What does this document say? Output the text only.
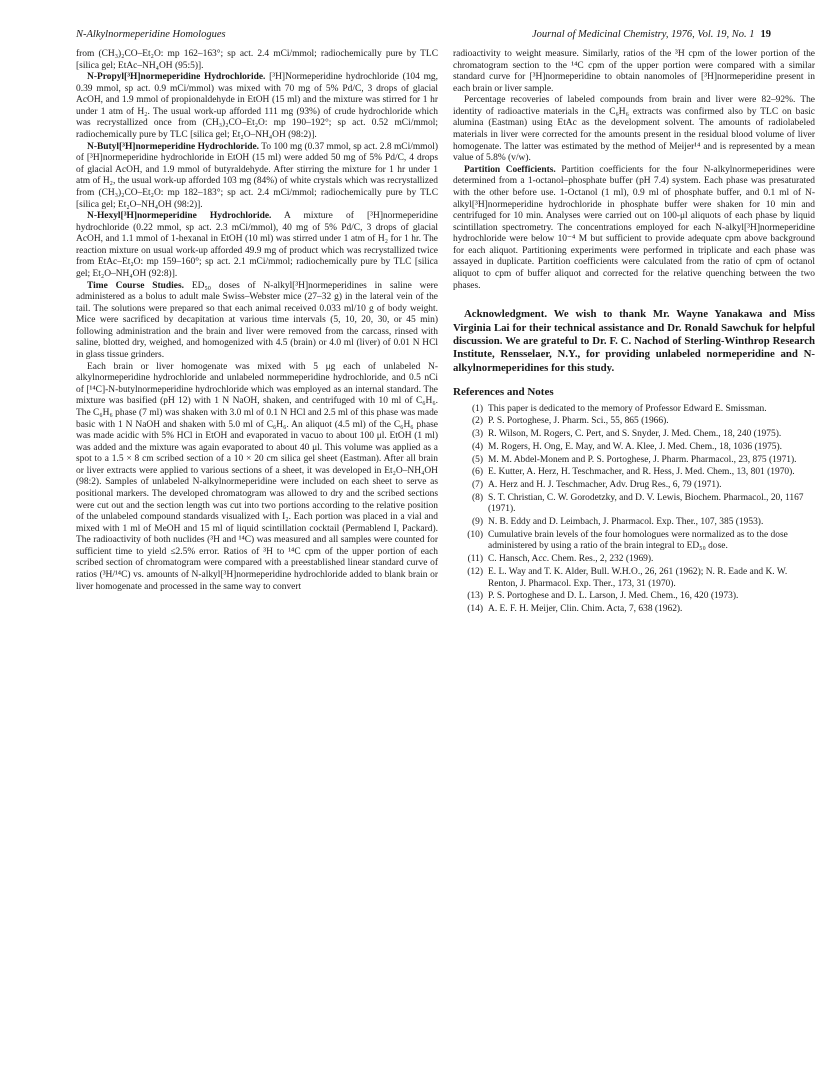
N-Alkylnormeperidine Homologues	Journal of Medicinal Chemistry, 1976, Vol. 19, No. 1 19

from (CH₃)₂CO–Et₂O: mp 162–163°; sp act. 2.4 mCi/mmol; radiochemically pure by TLC [silica gel; EtAc–NH₄OH (95:5)].

N-Propyl[³H]normeperidine Hydrochloride. [³H]Normeperidine hydrochloride (104 mg, 0.39 mmol, sp act. 0.9 mCi/mmol) was mixed with 70 mg of 5% Pd/C, 3 drops of glacial AcOH, and 1.9 mmol of propionaldehyde in EtOH (15 ml) and the mixture was stirred for 1 hr under 1 atm of H₂. The usual work-up afforded 111 mg (93%) of crude hydrochloride which was recrystallized once from (CH₃)₂CO–Et₂O: mp 190–192°; sp act. 0.52 mCi/mmol; radiochemically pure by TLC [silica gel; Et₂O–NH₄OH (98:2)].

N-Butyl[³H]normeperidine Hydrochloride. To 100 mg (0.37 mmol, sp act. 2.8 mCi/mmol) of [³H]normeperidine hydrochloride in EtOH (15 ml) were added 50 mg of 5% Pd/C, 4 drops of glacial AcOH, and 1.9 mmol of butyraldehyde. After stirring the mixture for 1 hr under 1 atm of H₂, the usual work-up afforded 103 mg (84%) of white crystals which was recrystallized from (CH₃)₂CO–Et₂O: mp 182–183°; sp act. 2.4 mCi/mmol; radiochemically pure by TLC [silica gel; Et₂O–NH₄OH (98:2)].

N-Hexyl[³H]normeperidine Hydrochloride. A mixture of [³H]normeperidine hydrochloride (0.22 mmol, sp act. 2.3 mCi/mmol), 40 mg of 5% Pd/C, 3 drops of glacial AcOH, and 1.1 mmol of 1-hexanal in EtOH (10 ml) was stirred under 1 atm of H₂ for 1 hr. The reaction mixture on usual work-up afforded 49.9 mg of product which was recrystallized twice from EtAc–Et₂O: mp 159–160°; sp act. 2.1 mCi/mmol; radiochemically pure by TLC [silica gel; Et₂O–NH₄OH (92:8)].

Time Course Studies. ED₅₀ doses of N-alkyl[³H]normeperidines in saline were administered as a bolus to adult male Swiss–Webster mice (27–32 g) in the lateral vein of the tail. The solutions were prepared so that each animal received 0.033 ml/10 g of body weight. Mice were sacrificed by decapitation at various time intervals (5, 10, 20, 30, or 45 min) following administration and the brain and liver were removed from the carcass, rinsed with saline, blotted dry, weighed, and homogenized with 4.5 (brain) or 4.0 ml (liver) of 0.01 N HCl in glass tissue grinders.

Each brain or liver homogenate was mixed with 5 μg each of unlabeled N-alkylnormeperidine hydrochloride and unlabeled normmeperidine hydrochloride, and 0.5 nCi of [¹⁴C]-N-butylnormeperidine hydrochloride which was employed as an internal standard. The mixture was basified (pH 12) with 1 N NaOH, shaken, and centrifuged with 10 ml of C₆H₆. The C₆H₆ phase (7 ml) was shaken with 3.0 ml of 0.1 N HCl and 2.5 ml of this phase was made basic with 1 N NaOH and shaken with 5.0 ml of C₆H₆. An aliquot (4.5 ml) of the C₆H₆ phase was made acidic with 5% HCl in EtOH and evaporated in vacuo to about 100 μl. EtOH (1 ml) was added and the mixture was again evaporated to about 40 μl. This volume was applied as a spot to a 1.5 × 8 cm scribed section of a 10 × 20 cm silica gel sheet (Eastman). After all brain or liver extracts were applied to various sections of a sheet, it was developed in Et₂O–NH₄OH (98:2). Samples of unlabeled N-alkylnormeperidine were included on each sheet to serve as positional markers. The developed chromatogram was allowed to dry and the scribed sections were cut out and the section length was cut into two portions according to the relative position of the unlabeled compound standards visualized with I₂. Each portion was placed in a vial and mixed with 1 ml of MeOH and 15 ml of liquid scintillation cocktail (Permablend I, Packard). The radioactivity of both nuclides (³H and ¹⁴C) was measured and all samples were counted for sufficient time to yield ≤2.5% error. Ratios of ³H to ¹⁴C cpm of the upper portion of each scribed section of chromatogram were compared with a preestablished linear standard curve of ratios (³H/¹⁴C) vs. amounts of N-alkyl[³H]normeperidine hydrochloride added to blank brain or liver homogenate and processed in the same way to convert

radioactivity to weight measure. Similarly, ratios of the ³H cpm of the lower portion of the chromatogram section to the ¹⁴C cpm of the upper portion were compared with a similar standard curve for [³H]normeperidine to obtain nanomoles of [³H]normeperidine present in each brain or liver sample.

Percentage recoveries of labeled compounds from brain and liver were 82–92%. The identity of radioactive materials in the C₆H₆ extracts was confirmed also by TLC on basic alumina (Eastman) using EtAc as the development solvent. The amounts of radiolabeled materials in liver were corrected for the amounts present in the residual blood volume of liver homogenate. The latter was estimated by the method of Meijer¹⁴ and is represented by a mean value of 5.8% (v/w).

Partition Coefficients. Partition coefficients for the four N-alkylnormeperidines were determined from a 1-octanol–phosphate buffer (pH 7.4) system. Each phase was presaturated with the other before use. 1-Octanol (1 ml), 0.9 ml of phosphate buffer, and 0.1 ml of N-alkyl[³H]normeperidine hydrochloride in phosphate buffer were shaken for 10 min and centrifuged for 10 min. Analyses were carried out on 100-μl aliquots of each phase by liquid scintillation spectrometry. The concentrations employed for each N-alkyl[³H]normeperidine hydrochloride were below 10⁻⁴ M but sufficient to provide adequate cpm above background for each aliquot. Partitioning experiments were performed in triplicate and each phase was assayed in duplicate. Partition coefficients were calculated from the ratio of cpm of octanol aliquot to cpm of buffer aliquot and corrected for the relative quenching between the two phases.

Acknowledgment. We wish to thank Mr. Wayne Yanakawa and Miss Virginia Lai for their technical assistance and Dr. Ronald Sawchuk for helpful discussion. We are grateful to Dr. F. C. Nachod of Sterling-Winthrop Research Institute, Rensselaer, N.Y., for providing unlabeled normeperidine and N-alkylnormeperidines for this study.

References and Notes
(1) This paper is dedicated to the memory of Professor Edward E. Smissman.
(2) P. S. Portoghese, J. Pharm. Sci., 55, 865 (1966).
(3) R. Wilson, M. Rogers, C. Pert, and S. Snyder, J. Med. Chem., 18, 240 (1975).
(4) M. Rogers, H. Ong, E. May, and W. A. Klee, J. Med. Chem., 18, 1036 (1975).
(5) M. M. Abdel-Monem and P. S. Portoghese, J. Pharm. Pharmacol., 23, 875 (1971).
(6) E. Kutter, A. Herz, H. Teschmacher, and R. Hess, J. Med. Chem., 13, 801 (1970).
(7) A. Herz and H. J. Teschmacher, Adv. Drug Res., 6, 79 (1971).
(8) S. T. Christian, C. W. Gorodetzky, and D. V. Lewis, Biochem. Pharmacol., 20, 1167 (1971).
(9) N. B. Eddy and D. Leimbach, J. Pharmacol. Exp. Ther., 107, 385 (1953).
(10) Cumulative brain levels of the four homologues were normalized as to the dose administered by using a ratio of the brain integral to ED₅₀ dose.
(11) C. Hansch, Acc. Chem. Res., 2, 232 (1969).
(12) E. L. Way and T. K. Alder, Bull. W.H.O., 26, 261 (1962); N. R. Eade and K. W. Renton, J. Pharmacol. Exp. Ther., 173, 31 (1970).
(13) P. S. Portoghese and D. L. Larson, J. Med. Chem., 16, 420 (1973).
(14) A. E. F. H. Meijer, Clin. Chim. Acta, 7, 638 (1962).
